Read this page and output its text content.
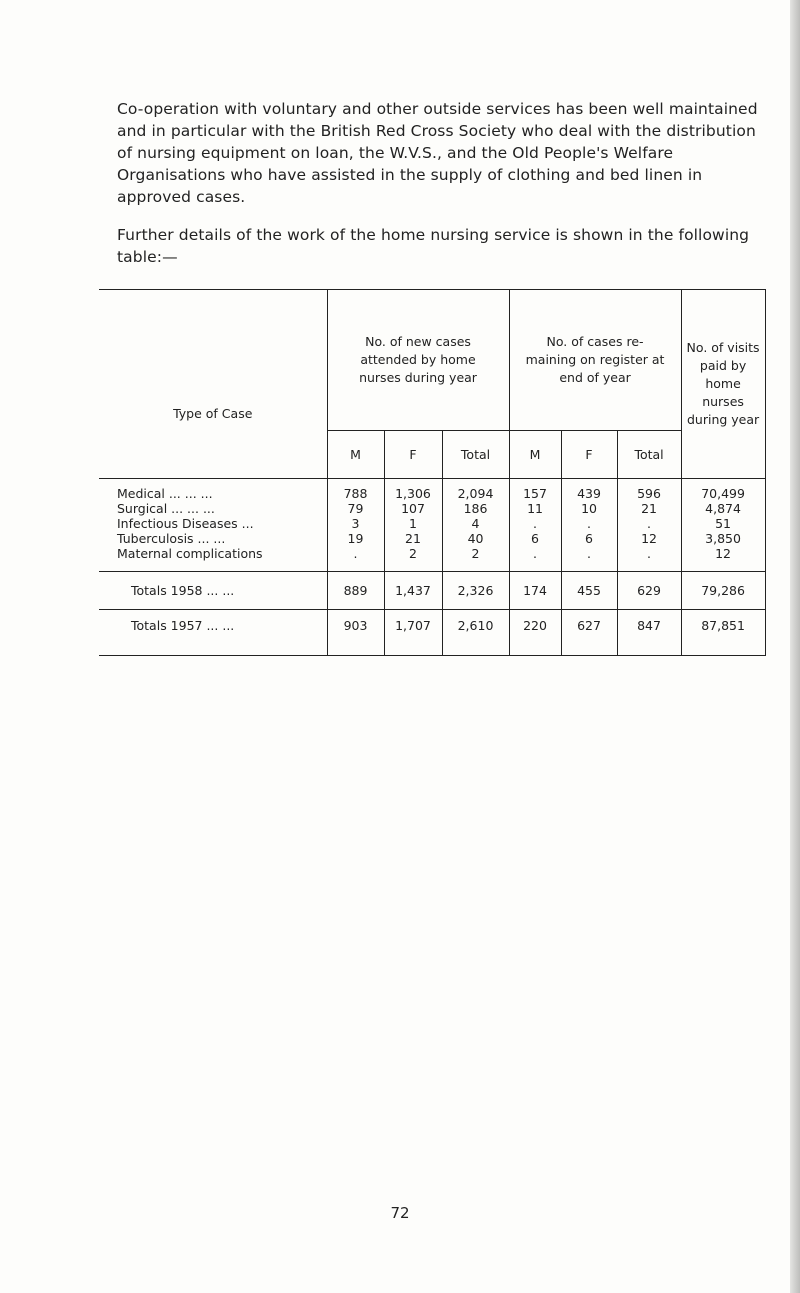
Co-operation with voluntary and other outside services has been well maintained and in particular with the British Red Cross Society who deal with the distribution of nursing equipment on loan, the W.V.S., and the Old People's Welfare Organisations who have assisted in the supply of clothing and bed linen in approved cases.

Further details of the work of the home nursing service is shown in the following table:—

Type of Case	No. of new cases attended by home nurses during year			No. of cases re- maining on register at end of year			No. of visits paid by home nurses during year
	M	F	Total	M	F	Total	

Medical ... ... ...	788	1,306	2,094	157	439	596	70,499
Surgical ... ... ...	79	107	186	11	10	21	4,874
Infectious Diseases ...	3	1	4	.	.	.	51
Tuberculosis ... ...	19	21	40	6	6	12	3,850
Maternal complications	.	2	2	.	.	.	12

Totals 1958 ... ...	889	1,437	2,326	174	455	629	79,286
Totals 1957 ... ...	903	1,707	2,610	220	627	847	87,851
72
